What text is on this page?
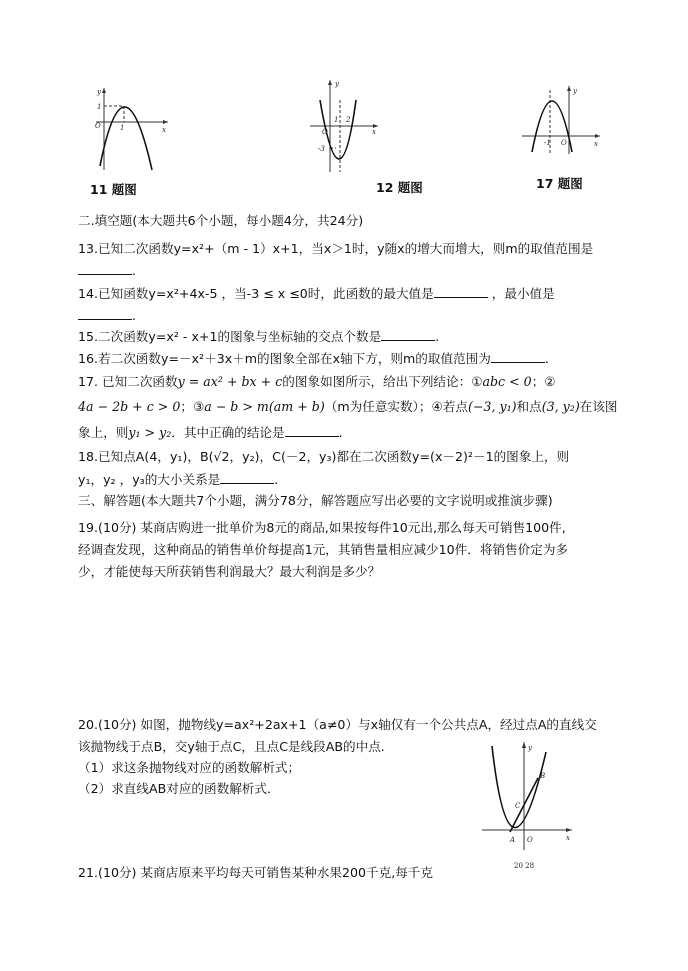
y
x
O
1
1
11 题图
y
x
O
-3
1 2
12 题图
y
x
O
-1
17 题图
二.填空题(本大题共6个小题，每小题4分，共24分)
13.已知二次函数y=x²+（m - 1）x+1，当x＞1时，y随x的增大而增大，则m的取值范围是
.
14.已知函数y=x²+4x-5 ，当-3 ≤ x ≤0时，此函数的最大值是	，最小值是
.
15.二次函数y=x² - x+1的图象与坐标轴的交点个数是	.
16.若二次函数y=－x²＋3x＋m的图象全部在x轴下方，则m的取值范围为	.
17. 已知二次函数y = ax² + bx + c的图象如图所示，给出下列结论：①abc < 0；②
4a − 2b + c > 0；③a − b > m(am + b)（m为任意实数）；④若点(−3, y₁)和点(3, y₂)在该图
象上，则y₁ > y₂．其中正确的结论是	.
18.已知点A(4，y₁)，B(√2，y₂)，C(－2，y₃)都在二次函数y=(x－2)²－1的图象上，则
y₁，y₂ ，y₃的大小关系是	.
三、解答题(本大题共7个小题，满分78分，解答题应写出必要的文字说明或推演步骤)
19.(10分) 某商店购进一批单价为8元的商品,如果按每件10元出,那么每天可销售100件,
经调查发现，这种商品的销售单价每提高1元，其销售量相应减少10件．将销售价定为多
少，才能使每天所获销售利润最大？最大利润是多少？
20.(10分) 如图，抛物线y=ax²+2ax+1（a≠0）与x轴仅有一个公共点A，经过点A的直线交
该抛物线于点B，交y轴于点C，且点C是线段AB的中点.
（1）求这条抛物线对应的函数解析式；
（2）求直线AB对应的函数解析式．
y
x
B
C
A O
20 28
21.(10分) 某商店原来平均每天可销售某种水果200千克,每千克
